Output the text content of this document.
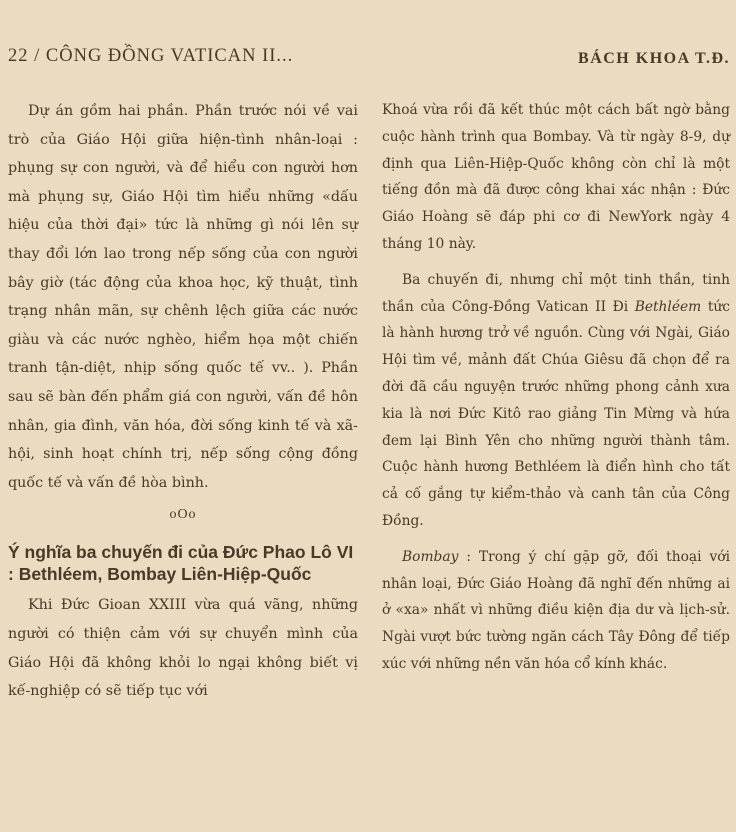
22 / CÔNG ĐỒNG VATICAN II...	BÁCH KHOA T.Đ.

Dự án gồm hai phần. Phần trước nói về vai trò của Giáo Hội giữa hiện-tình nhân-loại : phụng sự con người, và để hiểu con người hơn mà phụng sự, Giáo Hội tìm hiểu những «dấu hiệu của thời đại» tức là những gì nói lên sự thay đổi lớn lao trong nếp sống của con người bây giờ (tác động của khoa học, kỹ thuật, tình trạng nhân mãn, sự chênh lệch giữa các nước giàu và các nước nghèo, hiểm họa một chiến tranh tận-diệt, nhịp sống quốc tế vv.. ). Phần sau sẽ bàn đến phẩm giá con người, vấn đề hôn nhân, gia đình, văn hóa, đời sống kinh tế và xã-hội, sinh hoạt chính trị, nếp sống cộng đồng quốc tế và vấn đề hòa bình.

oOo
Ý nghĩa ba chuyến đi của Đức Phao Lô VI : Bethléem, Bombay Liên-Hiệp-Quốc

Khi Đức Gioan XXIII vừa quá vãng, những người có thiện cảm với sự chuyển mình của Giáo Hội đã không khỏi lo ngại không biết vị kế-nghiệp có sẽ tiếp tục với

Khoá vừa rồi đã kết thúc một cách bất ngờ bằng cuộc hành trình qua Bombay. Và từ ngày 8-9, dự định qua Liên-Hiệp-Quốc không còn chỉ là một tiếng đồn mà đã được công khai xác nhận : Đức Giáo Hoàng sẽ đáp phi cơ đi NewYork ngày 4 tháng 10 này.

Ba chuyến đi, nhưng chỉ một tinh thần, tinh thần của Công-Đồng Vatican II Đi Bethléem tức là hành hương trở về nguồn. Cùng với Ngài, Giáo Hội tìm về, mảnh đất Chúa Giêsu đã chọn để ra đời đã cầu nguyện trước những phong cảnh xưa kia là nơi Đức Kitô rao giảng Tin Mừng và hứa đem lại Bình Yên cho những người thành tâm. Cuộc hành hương Bethléem là điển hình cho tất cả cố gắng tự kiểm-thảo và canh tân của Công Đồng.

Bombay : Trong ý chí gặp gỡ, đối thoại với nhân loại, Đức Giáo Hoàng đã nghĩ đến những ai ở «xa» nhất vì những điều kiện địa dư và lịch-sử. Ngài vượt bức tường ngăn cách Tây Đông để tiếp xúc với những nền văn hóa cổ kính khác.
